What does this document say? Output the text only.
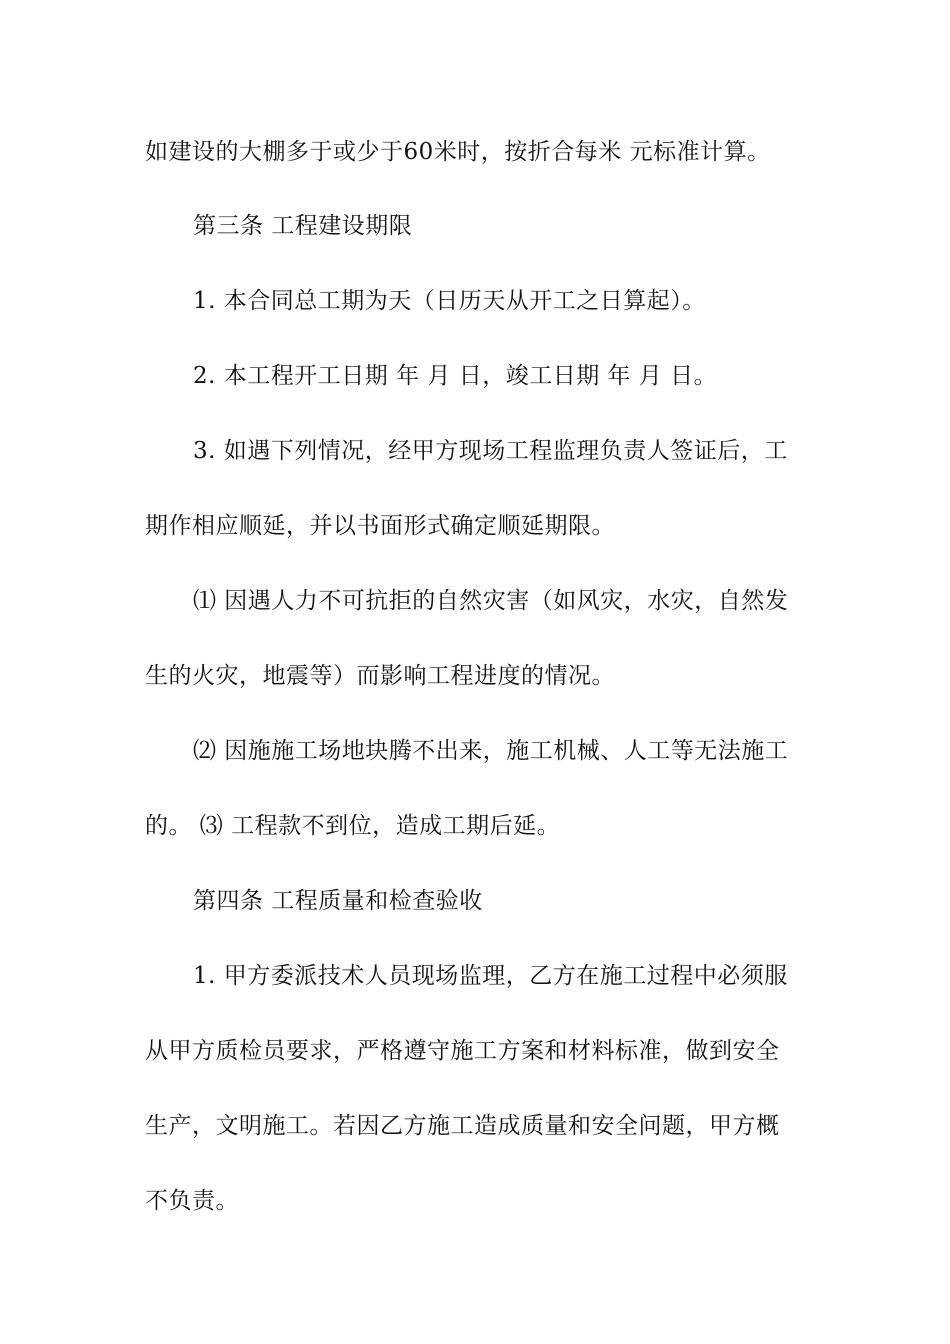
如建设的大棚多于或少于60米时，按折合每米 元标准计算。
第三条 工程建设期限
1. 本合同总工期为天（日历天从开工之日算起）。
2. 本工程开工日期 年 月 日，竣工日期 年 月 日。
3. 如遇下列情况，经甲方现场工程监理负责人签证后，工
期作相应顺延，并以书面形式确定顺延期限。
⑴ 因遇人力不可抗拒的自然灾害（如风灾，水灾，自然发
生的火灾，地震等）而影响工程进度的情况。
⑵ 因施施工场地块腾不出来，施工机械、人工等无法施工
的。 ⑶ 工程款不到位，造成工期后延。
第四条 工程质量和检查验收
1. 甲方委派技术人员现场监理，乙方在施工过程中必须服
从甲方质检员要求，严格遵守施工方案和材料标准，做到安全
生产，文明施工。若因乙方施工造成质量和安全问题，甲方概
不负责。
